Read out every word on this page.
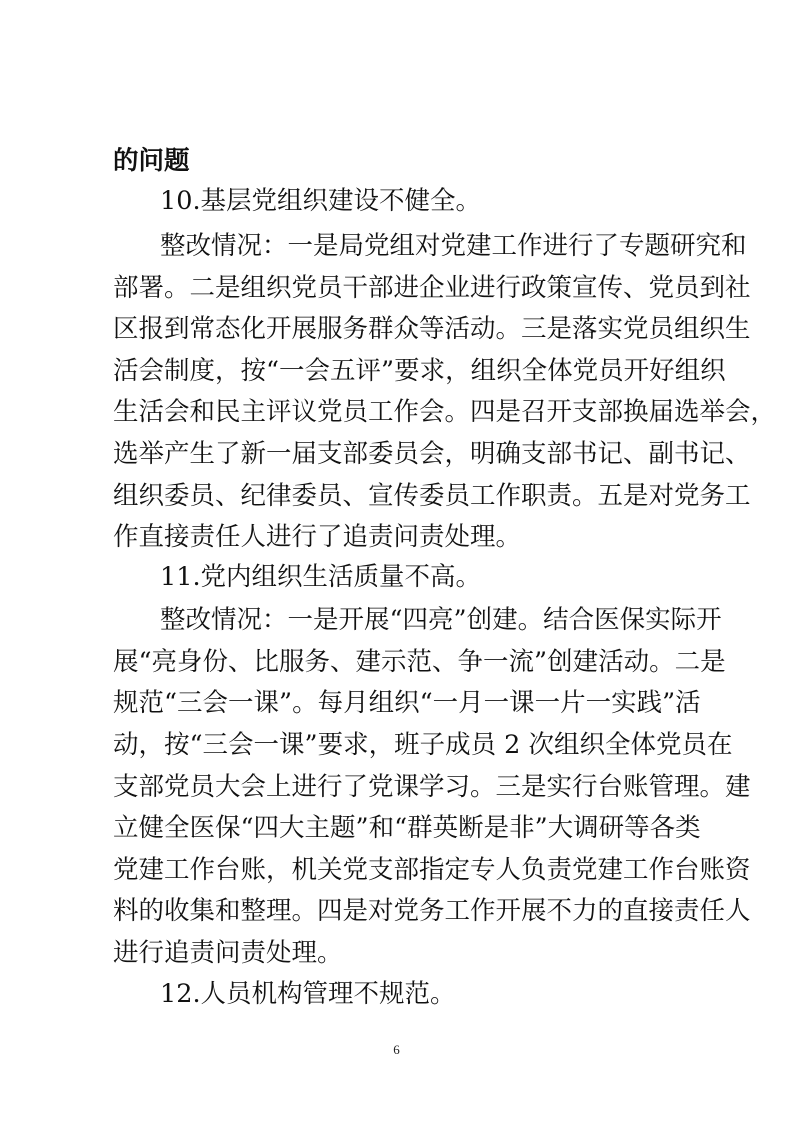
的问题
10.基层党组织建设不健全。
整改情况：一是局党组对党建工作进行了专题研究和
部署。二是组织党员干部进企业进行政策宣传、党员到社
区报到常态化开展服务群众等活动。三是落实党员组织生
活会制度，按“一会五评”要求，组织全体党员开好组织
生活会和民主评议党员工作会。四是召开支部换届选举会，
选举产生了新一届支部委员会，明确支部书记、副书记、
组织委员、纪律委员、宣传委员工作职责。五是对党务工
作直接责任人进行了追责问责处理。
11.党内组织生活质量不高。
整改情况：一是开展“四亮”创建。结合医保实际开
展“亮身份、比服务、建示范、争一流”创建活动。二是
规范“三会一课”。每月组织“一月一课一片一实践”活
动，按“三会一课”要求，班子成员 2 次组织全体党员在
支部党员大会上进行了党课学习。三是实行台账管理。建
立健全医保“四大主题”和“群英断是非”大调研等各类
党建工作台账，机关党支部指定专人负责党建工作台账资
料的收集和整理。四是对党务工作开展不力的直接责任人
进行追责问责处理。
12.人员机构管理不规范。
6
